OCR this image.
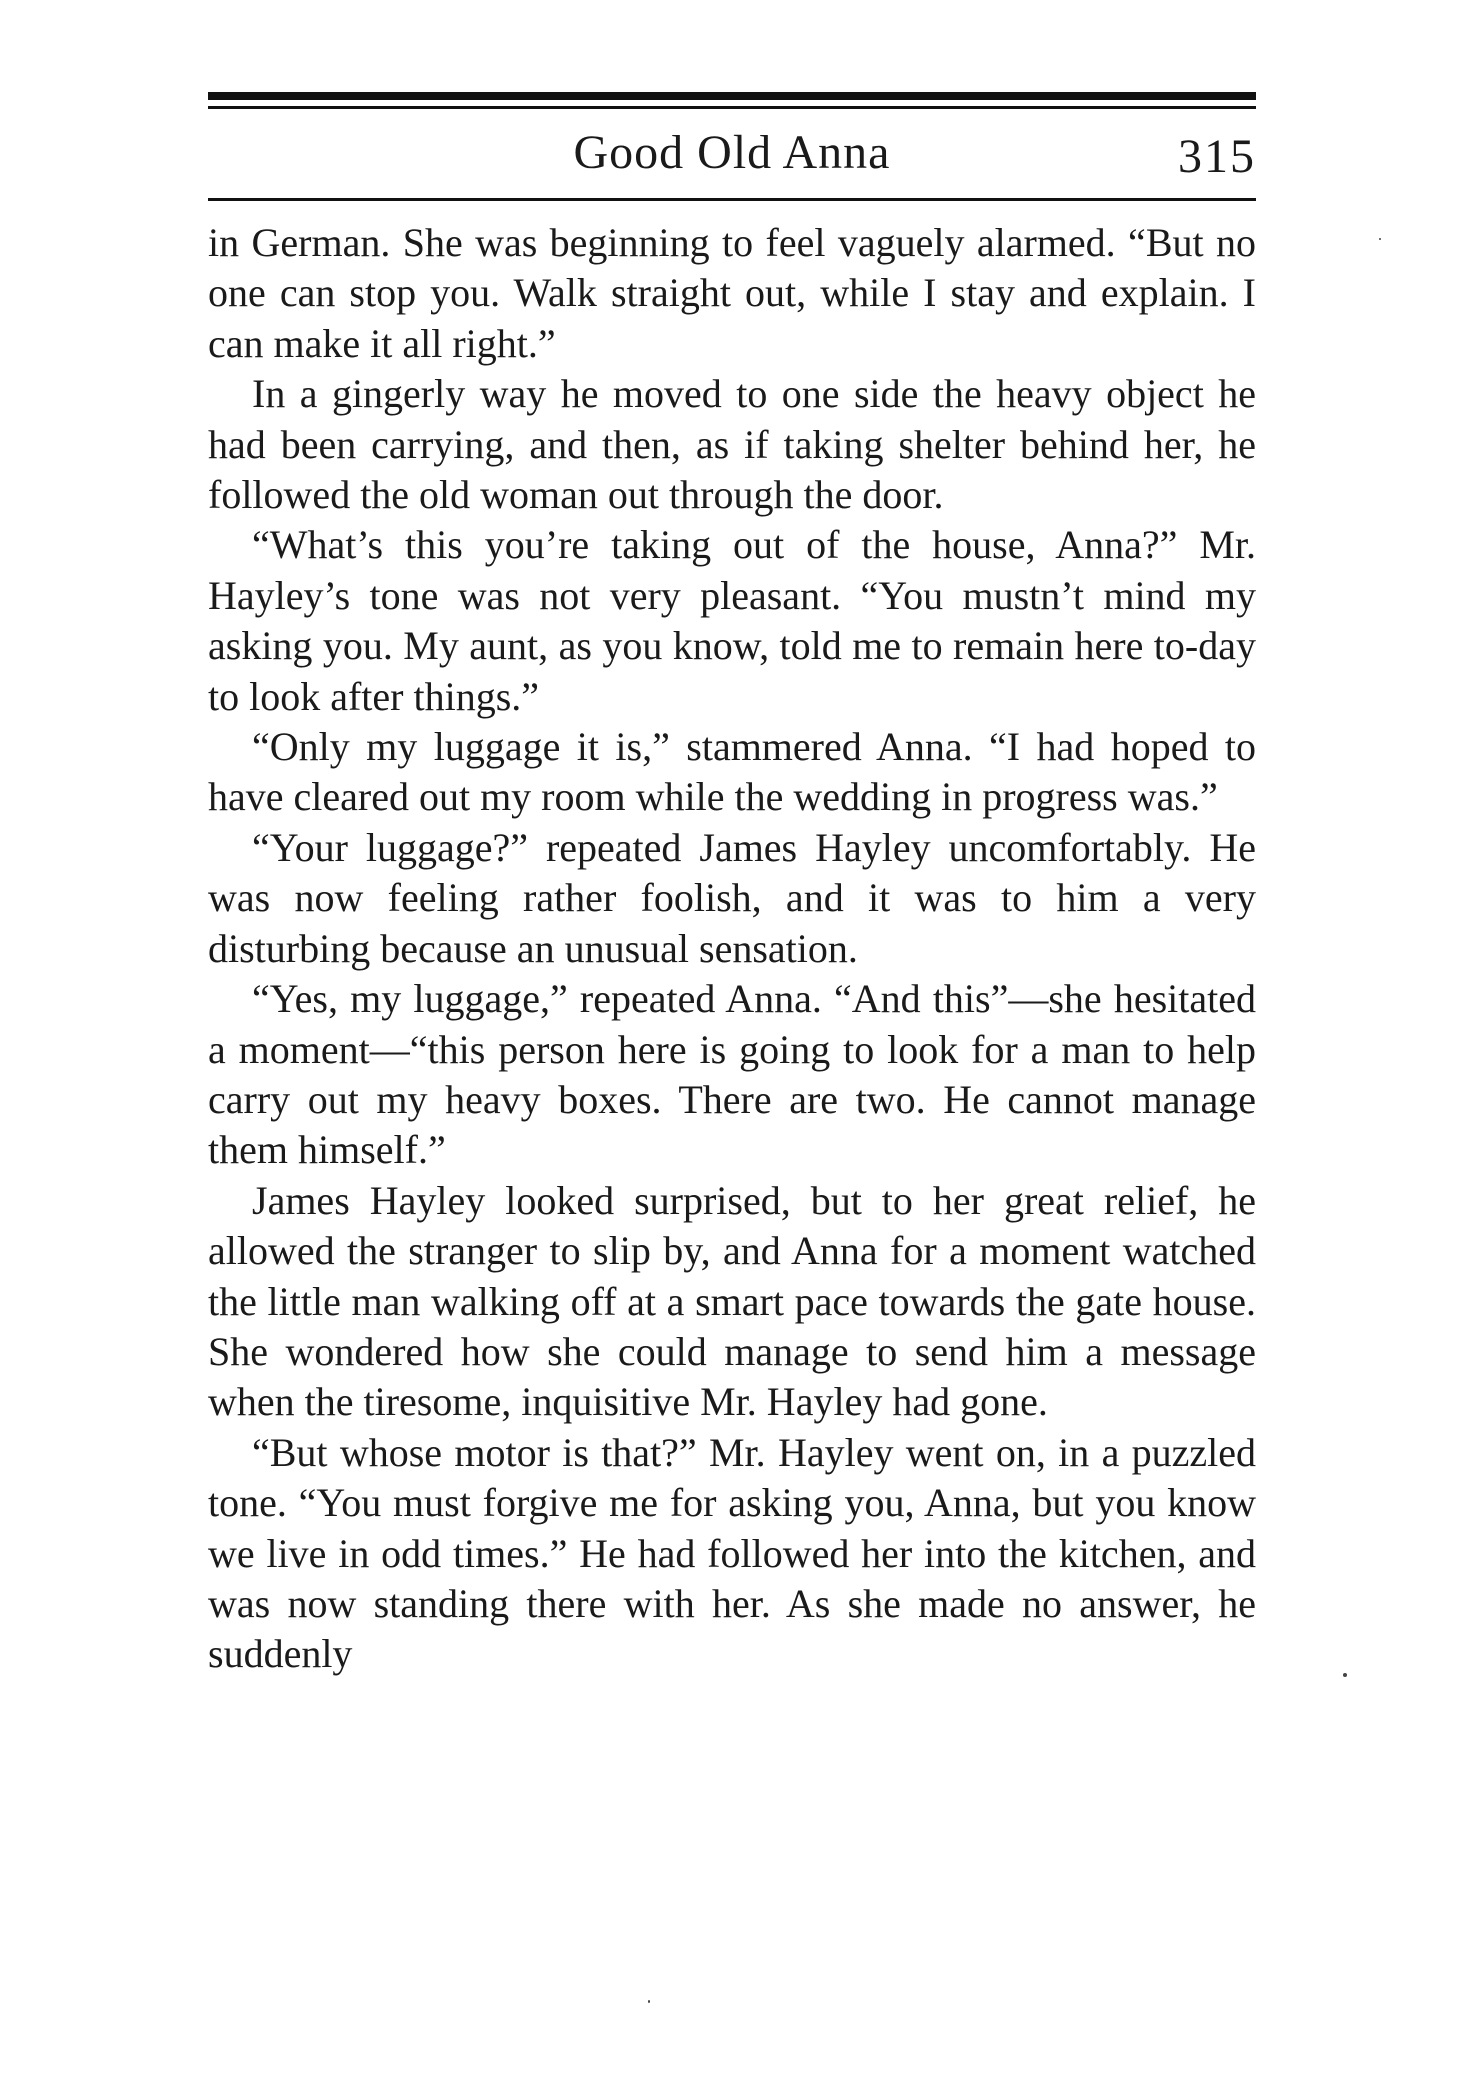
Good Old Anna	315

in German. She was beginning to feel vaguely alarmed. “But no one can stop you. Walk straight out, while I stay and explain. I can make it all right.”

In a gingerly way he moved to one side the heavy object he had been carrying, and then, as if taking shelter behind her, he followed the old woman out through the door.

“What’s this you’re taking out of the house, Anna?” Mr. Hayley’s tone was not very pleasant. “You mustn’t mind my asking you. My aunt, as you know, told me to remain here to-day to look after things.”

“Only my luggage it is,” stammered Anna. “I had hoped to have cleared out my room while the wedding in progress was.”

“Your luggage?” repeated James Hayley uncomfortably. He was now feeling rather foolish, and it was to him a very disturbing because an unusual sensation.

“Yes, my luggage,” repeated Anna. “And this”—she hesitated a moment—“this person here is going to look for a man to help carry out my heavy boxes. There are two. He cannot manage them himself.”

James Hayley looked surprised, but to her great relief, he allowed the stranger to slip by, and Anna for a moment watched the little man walking off at a smart pace towards the gate house. She wondered how she could manage to send him a message when the tiresome, inquisitive Mr. Hayley had gone.

“But whose motor is that?” Mr. Hayley went on, in a puzzled tone. “You must forgive me for asking you, Anna, but you know we live in odd times.” He had followed her into the kitchen, and was now standing there with her. As she made no answer, he suddenly
